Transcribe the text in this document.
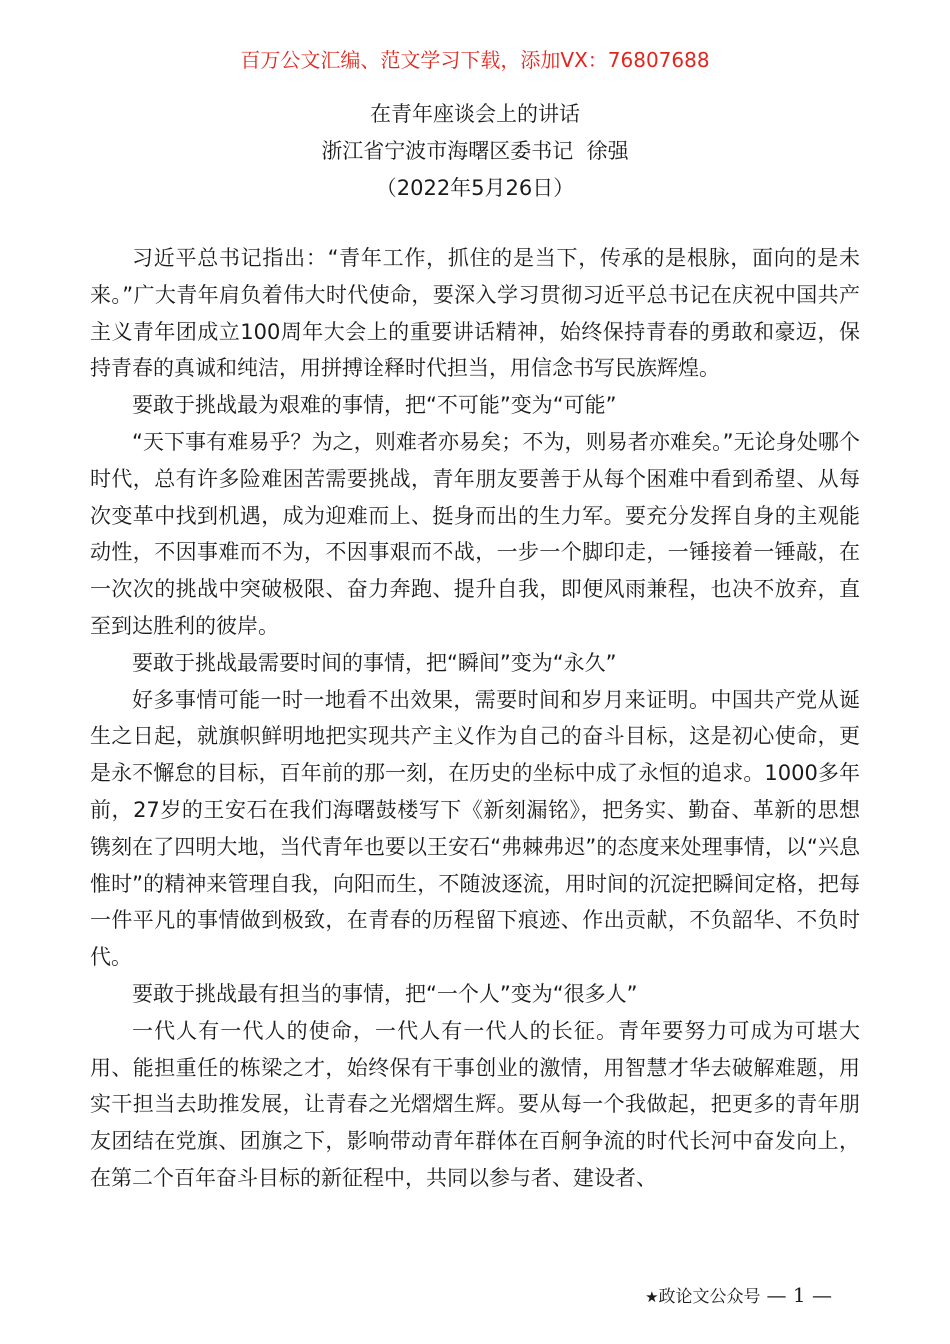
百万公文汇编、范文学习下载，添加VX：76807688
在青年座谈会上的讲话
浙江省宁波市海曙区委书记  徐强
（2022年5月26日）

习近平总书记指出：“青年工作，抓住的是当下，传承的是根脉，面向的是未来。”广大青年肩负着伟大时代使命，要深入学习贯彻习近平总书记在庆祝中国共产主义青年团成立100周年大会上的重要讲话精神，始终保持青春的勇敢和豪迈，保持青春的真诚和纯洁，用拼搏诠释时代担当，用信念书写民族辉煌。

要敢于挑战最为艰难的事情，把“不可能”变为“可能”

“天下事有难易乎？为之，则难者亦易矣；不为，则易者亦难矣。”无论身处哪个时代，总有许多险难困苦需要挑战，青年朋友要善于从每个困难中看到希望、从每次变革中找到机遇，成为迎难而上、挺身而出的生力军。要充分发挥自身的主观能动性，不因事难而不为，不因事艰而不战，一步一个脚印走，一锤接着一锤敲，在一次次的挑战中突破极限、奋力奔跑、提升自我，即便风雨兼程，也决不放弃，直至到达胜利的彼岸。

要敢于挑战最需要时间的事情，把“瞬间”变为“永久”

好多事情可能一时一地看不出效果，需要时间和岁月来证明。中国共产党从诞生之日起，就旗帜鲜明地把实现共产主义作为自己的奋斗目标，这是初心使命，更是永不懈怠的目标，百年前的那一刻，在历史的坐标中成了永恒的追求。1000多年前，27岁的王安石在我们海曙鼓楼写下《新刻漏铭》，把务实、勤奋、革新的思想镌刻在了四明大地，当代青年也要以王安石“弗棘弗迟”的态度来处理事情，以“兴息惟时”的精神来管理自我，向阳而生，不随波逐流，用时间的沉淀把瞬间定格，把每一件平凡的事情做到极致，在青春的历程留下痕迹、作出贡献，不负韶华、不负时代。

要敢于挑战最有担当的事情，把“一个人”变为“很多人”

一代人有一代人的使命，一代人有一代人的长征。青年要努力可成为可堪大用、能担重任的栋梁之才，始终保有干事创业的激情，用智慧才华去破解难题，用实干担当去助推发展，让青春之光熠熠生辉。要从每一个我做起，把更多的青年朋友团结在党旗、团旗之下，影响带动青年群体在百舸争流的时代长河中奋发向上，在第二个百年奋斗目标的新征程中，共同以参与者、建设者、

★政论文公众号 — 1 —
